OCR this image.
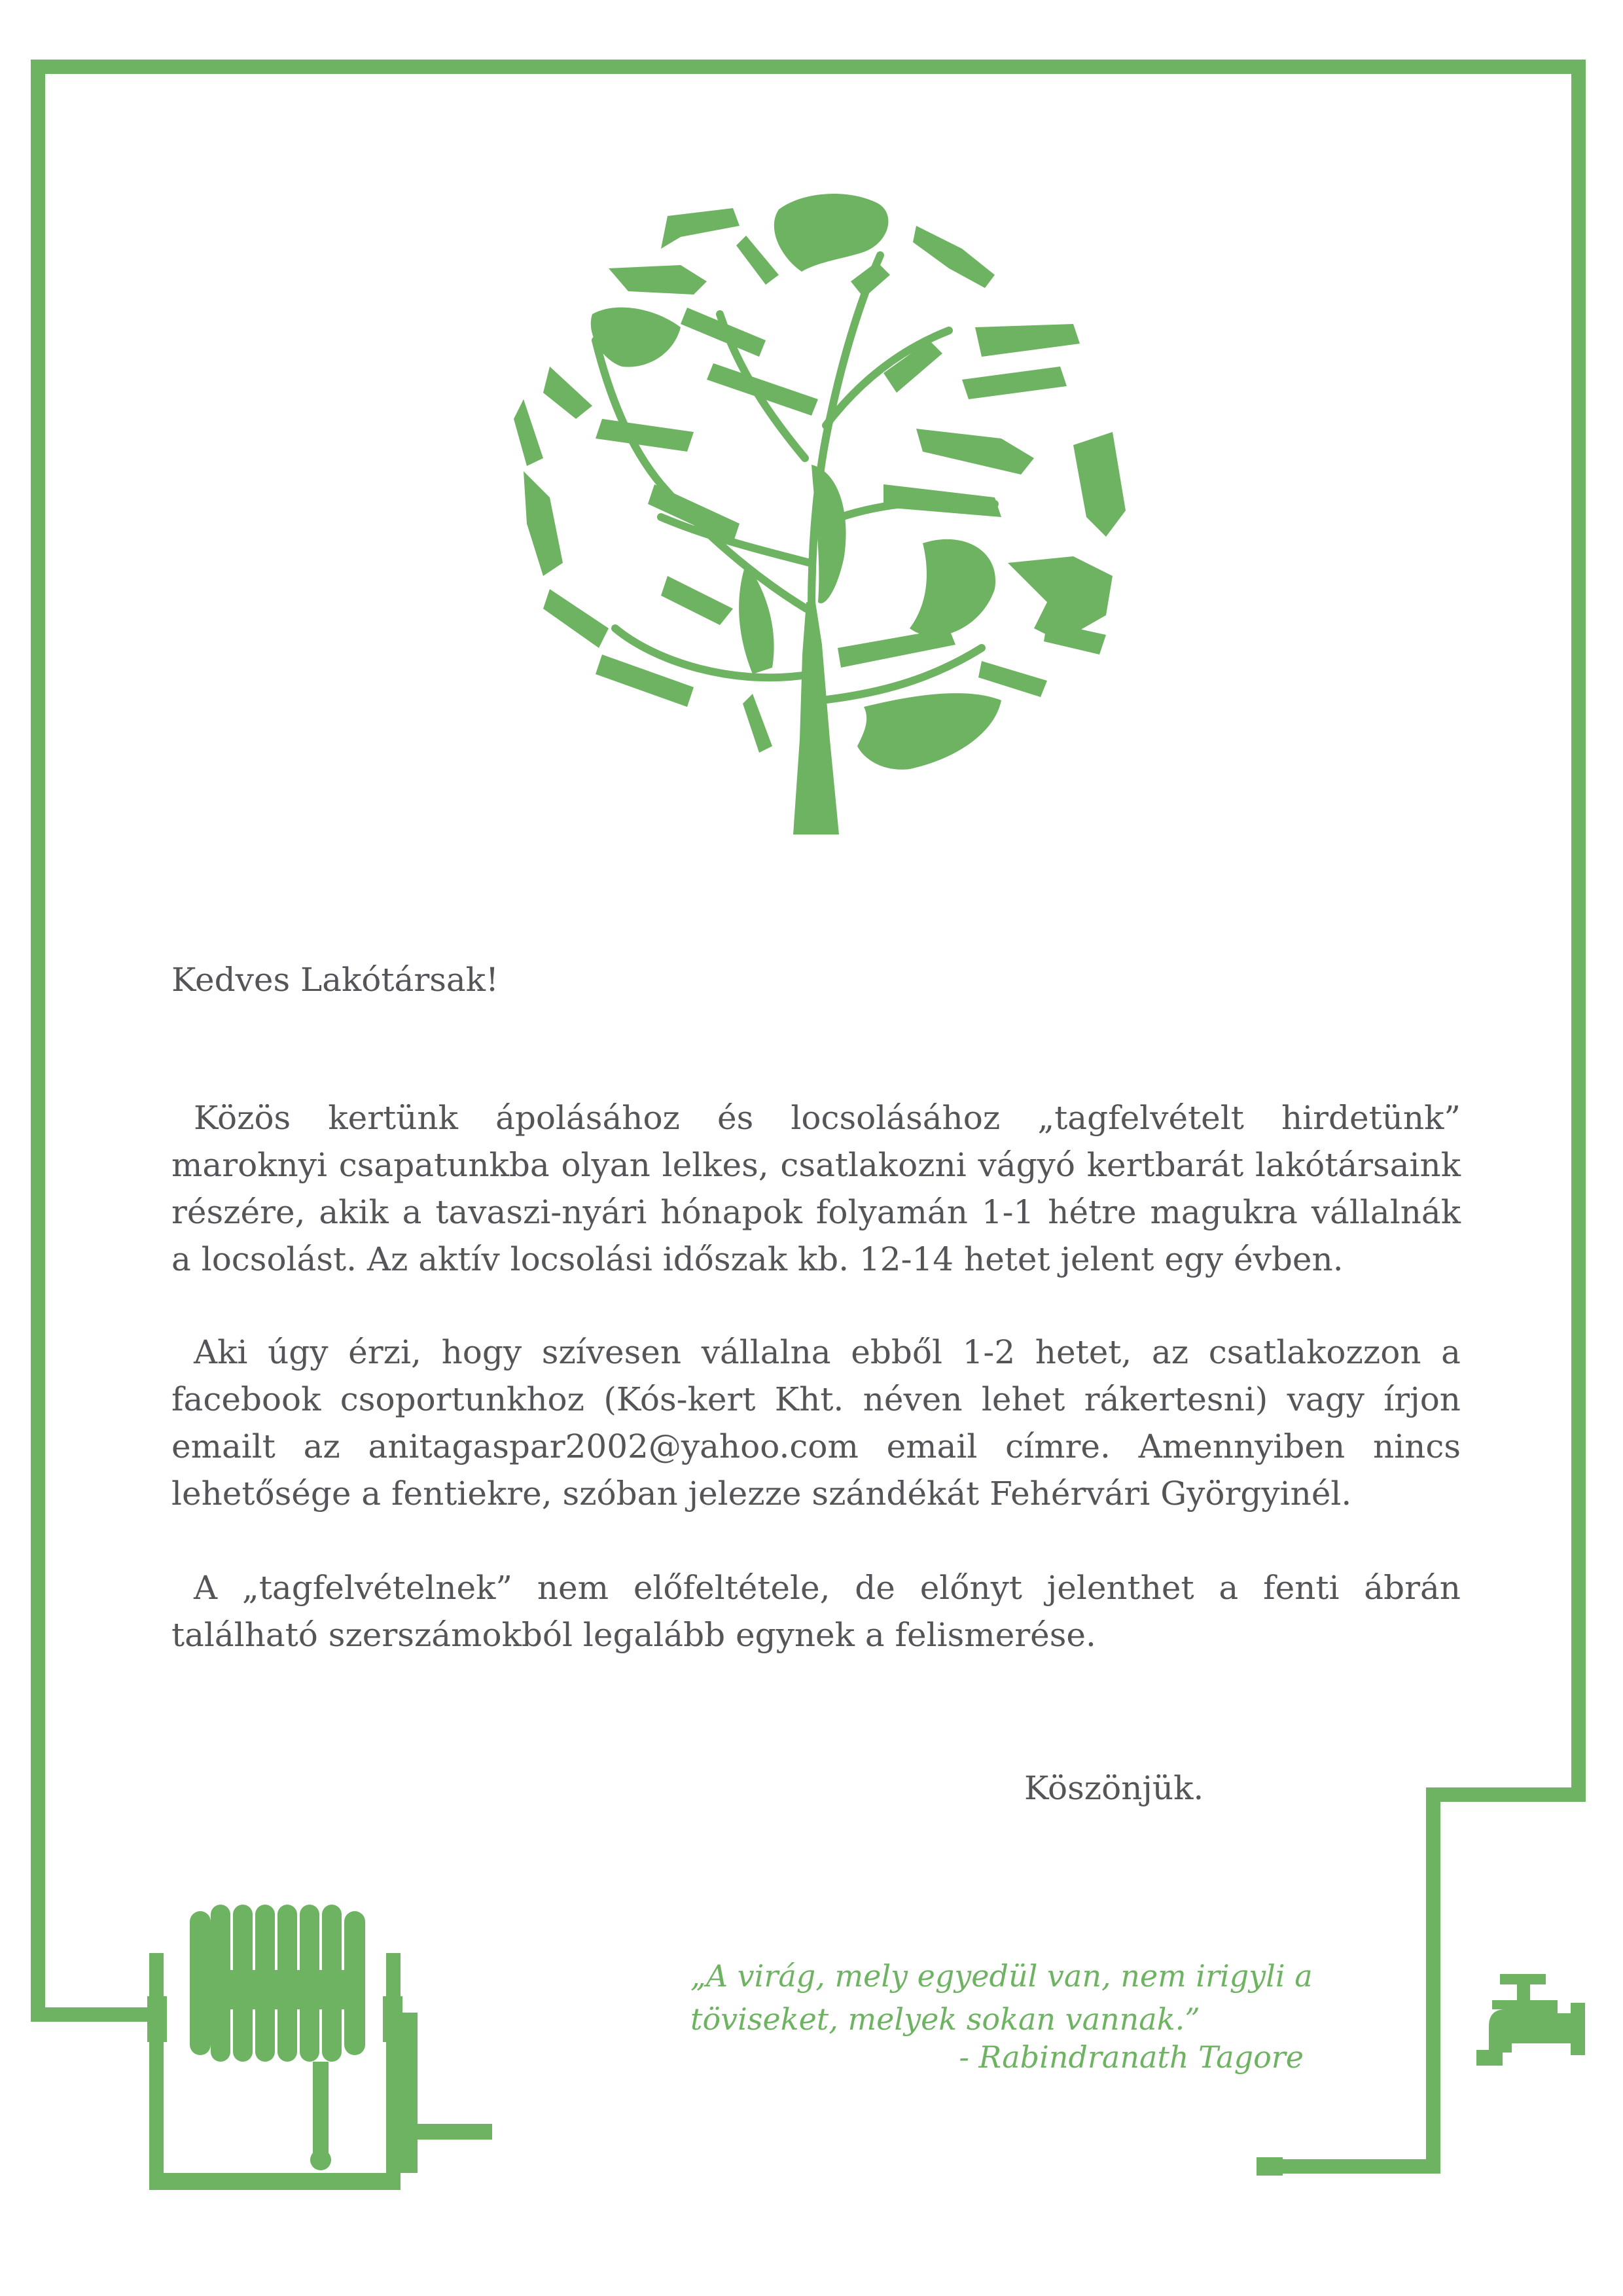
Kedves Lakótársak!
Közös kertünk ápolásához és locsolásához „tagfelvételt hirdetünk” maroknyi csapatunkba olyan lelkes, csatlakozni vágyó kertbarát lakótársaink részére, akik a tavaszi-nyári hónapok folyamán 1-1 hétre magukra vállalnák a locsolást. Az aktív locsolási időszak kb. 12-14 hetet jelent egy évben.
Aki úgy érzi, hogy szívesen vállalna ebből 1-2 hetet, az csatlakozzon a facebook csoportunkhoz (Kós-kert Kht. néven lehet rákertesni) vagy írjon emailt az anitagaspar2002@yahoo.com email címre. Amennyiben nincs lehetősége a fentiekre, szóban jelezze szándékát Fehérvári Györgyinél.
A „tagfelvételnek” nem előfeltétele, de előnyt jelenthet a fenti ábrán található szerszámokból legalább egynek a felismerése.
Köszönjük.
„A virág, mely egyedül van, nem irigyli a
töviseket, melyek sokan vannak.”
- Rabindranath Tagore
